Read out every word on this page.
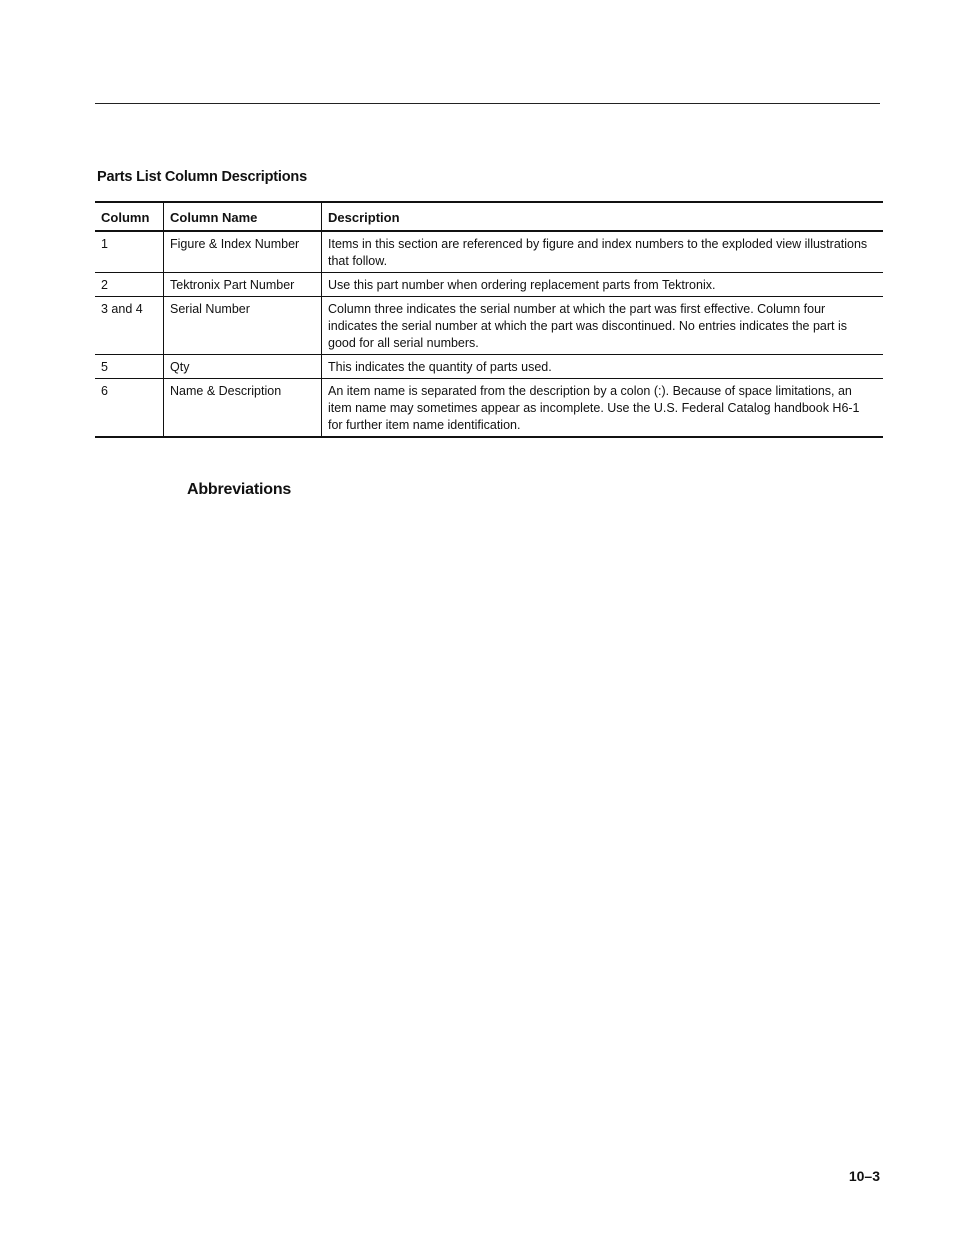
Parts List Column Descriptions
Column	Column Name	Description
1	Figure & Index Number	Items in this section are referenced by figure and index numbers to the exploded view illustrations that follow.
2	Tektronix Part Number	Use this part number when ordering replacement parts from Tektronix.
3 and 4	Serial Number	Column three indicates the serial number at which the part was first effective. Column four indicates the serial number at which the part was discontinued. No entries indicates the part is good for all serial numbers.
5	Qty	This indicates the quantity of parts used.
6	Name & Description	An item name is separated from the description by a colon (:). Because of space limitations, an item name may sometimes appear as incomplete. Use the U.S. Federal Catalog handbook H6-1 for further item name identification.
Abbreviations
10–3
